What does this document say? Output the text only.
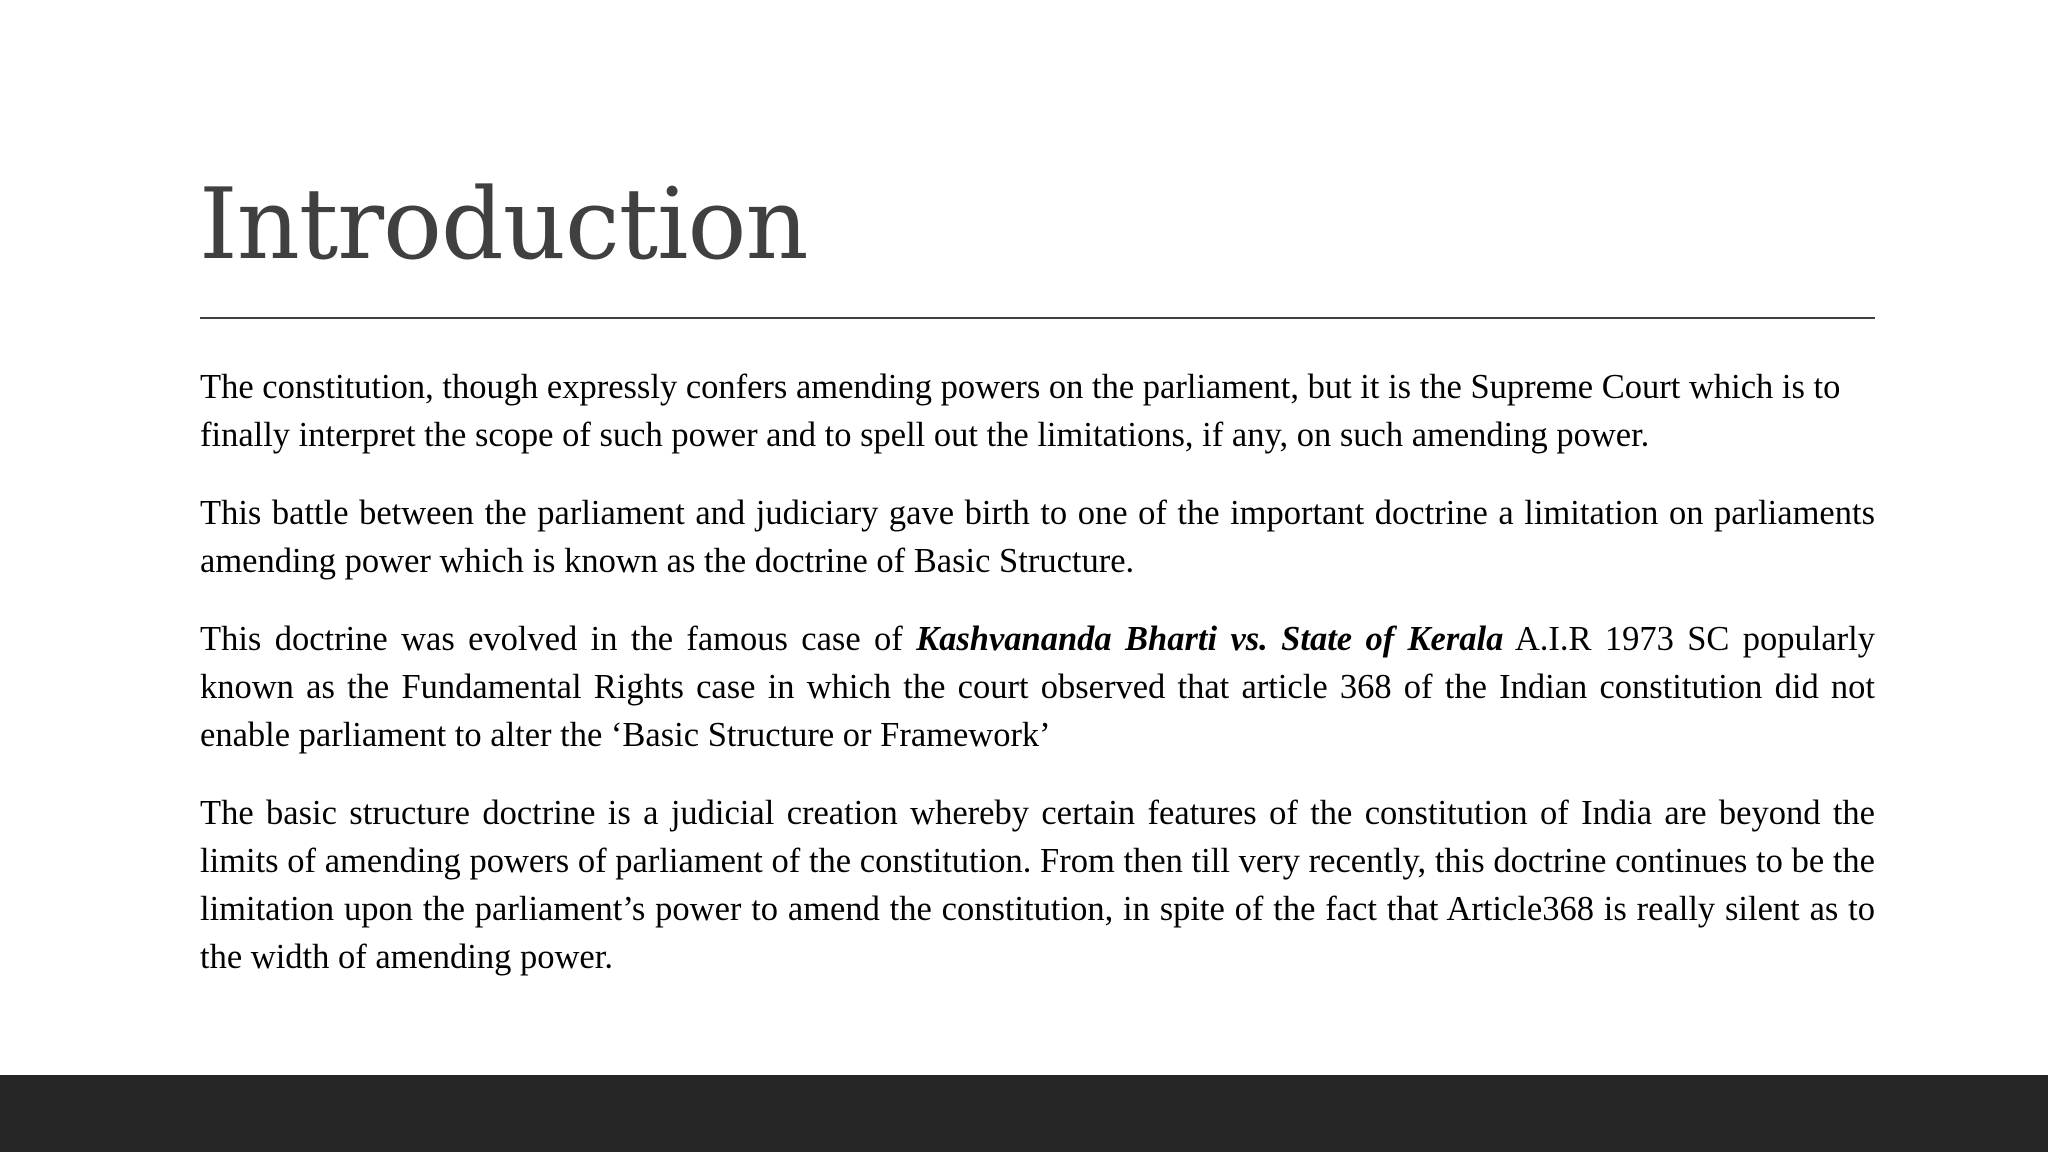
Introduction

The constitution, though expressly confers amending powers on the parliament, but it is the Supreme Court which is to finally interpret the scope of such power and to spell out the limitations, if any, on such amending power.

This battle between the parliament and judiciary gave birth to one of the important doctrine a limitation on parliaments amending power which is known as the doctrine of Basic Structure.

This doctrine was evolved in the famous case of Kashvananda Bharti vs. State of Kerala A.I.R 1973 SC popularly known as the Fundamental Rights case in which the court observed that article 368 of the Indian constitution did not enable parliament to alter the ‘Basic Structure or Framework’

The basic structure doctrine is a judicial creation whereby certain features of the constitution of India are beyond the limits of amending powers of parliament of the constitution. From then till very recently, this doctrine continues to be the limitation upon the parliament’s power to amend the constitution, in spite of the fact that Article368 is really silent as to the width of amending power.
